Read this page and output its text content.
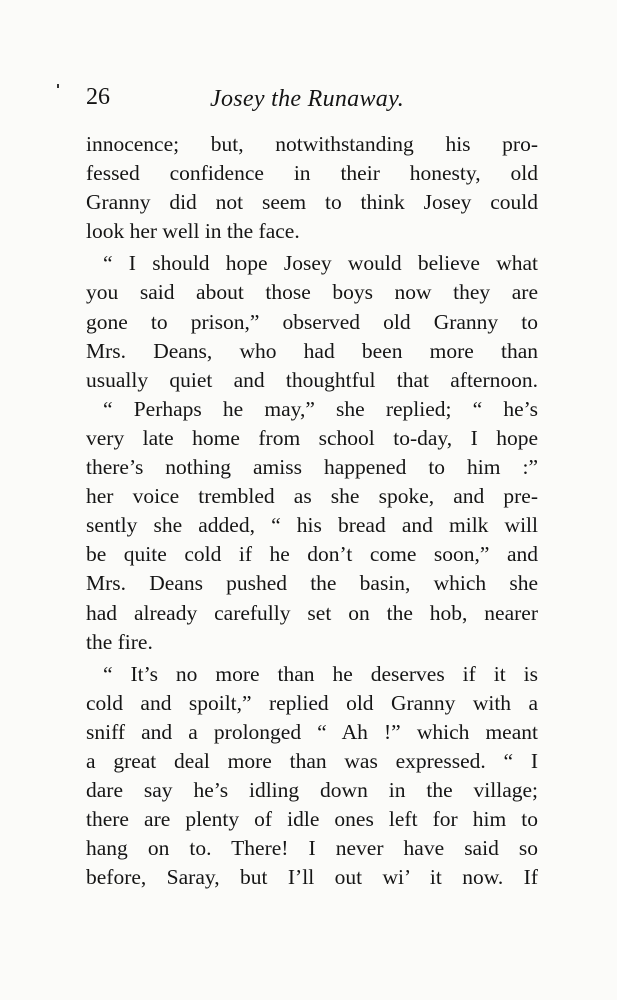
26	Josey the Runaway.
innocence; but, notwithstanding his pro-
fessed confidence in their honesty, old
Granny did not seem to think Josey could
look her well in the face.
“ I should hope Josey would believe what
you said about those boys now they are
gone to prison,” observed old Granny to
Mrs. Deans, who had been more than
usually quiet and thoughtful that afternoon.
“ Perhaps he may,” she replied; “ he’s
very late home from school to-day, I hope
there’s nothing amiss happened to him :”
her voice trembled as she spoke, and pre-
sently she added, “ his bread and milk will
be quite cold if he don’t come soon,” and
Mrs. Deans pushed the basin, which she
had already carefully set on the hob, nearer
the fire.
“ It’s no more than he deserves if it is
cold and spoilt,” replied old Granny with a
sniff and a prolonged “ Ah !” which meant
a great deal more than was expressed. “ I
dare say he’s idling down in the village;
there are plenty of idle ones left for him to
hang on to. There! I never have said so
before, Saray, but I’ll out wi’ it now. If
